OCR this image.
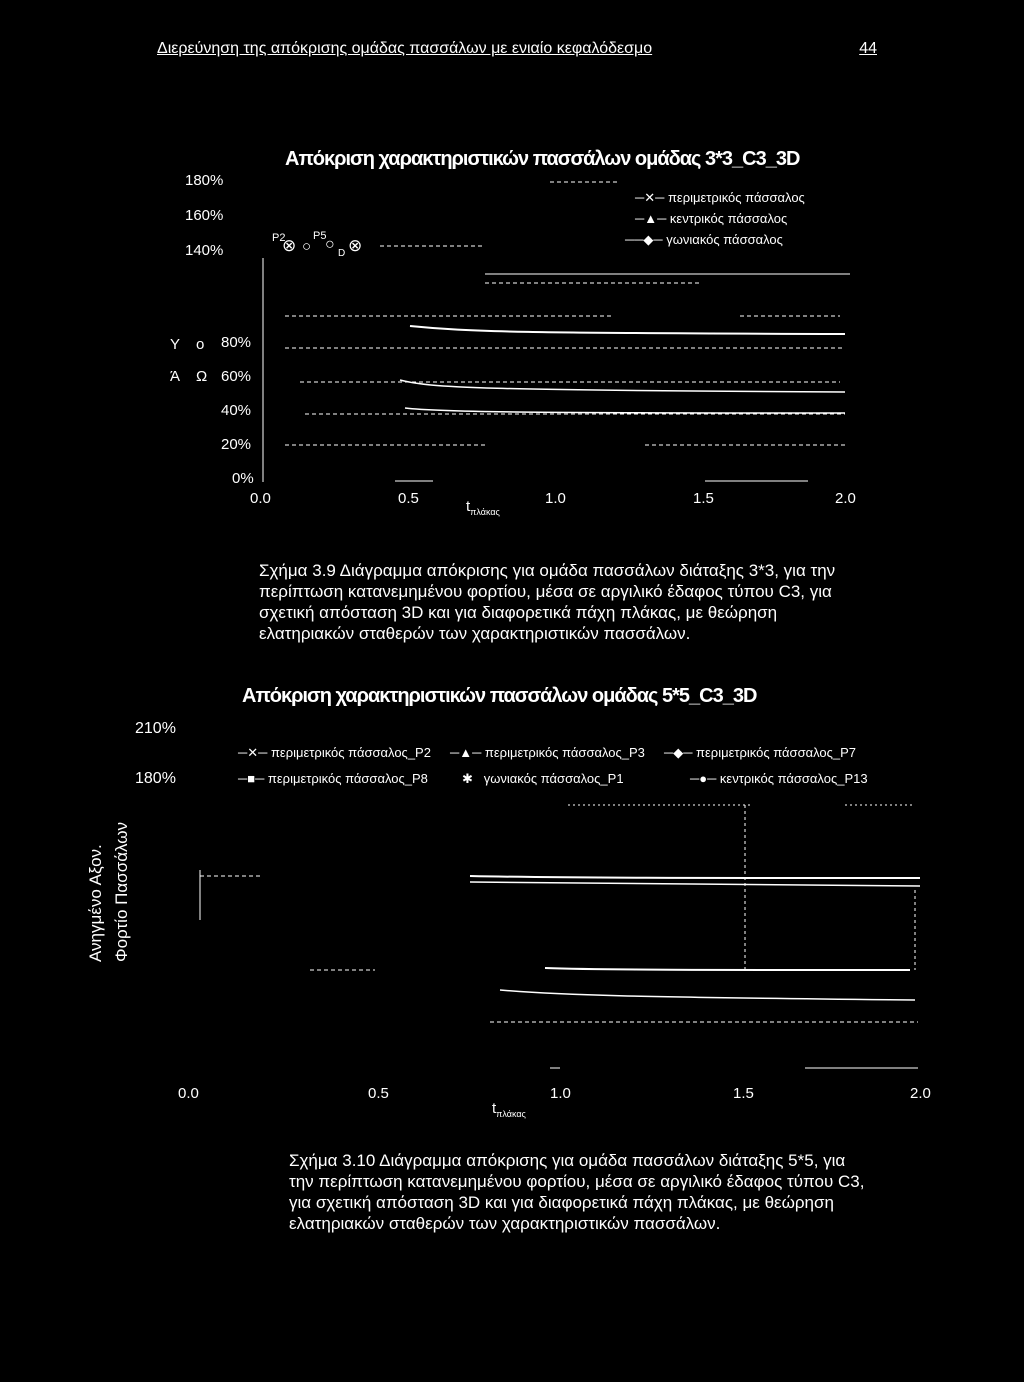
Διερεύνηση της απόκρισης ομάδας πασσάλων με ενιαίο κεφαλόδεσμο	44
Απόκριση χαρακτηριστικών πασσάλων ομάδας 3*3_C3_3D
180%
160%
140%
80%
60%
40%
20%
0%
Ά
Υ ο
Ω
P2	P5
D
⊗ ○ ○ ⊗
─✕─ περιμετρικός πάσσαλος
─▲─ κεντρικός πάσσαλος
──◆─ γωνιακός πάσσαλος
0.0	0.5	1.0	1.5	2.0
$t_{\pi\lambda ά\kappa\alpha\varsigma}$
Σχήμα 3.9 Διάγραμμα απόκρισης για ομάδα πασσάλων διάταξης 3*3, για την περίπτωση κατανεμημένου φορτίου, μέσα σε αργιλικό έδαφος τύπου C3, για σχετική απόσταση 3D και για διαφορετικά πάχη πλάκας, με θεώρηση ελατηριακών σταθερών των χαρακτηριστικών πασσάλων.
Απόκριση χαρακτηριστικών πασσάλων ομάδας 5*5_C3_3D
210%
180%
─✕─ περιμετρικός πάσσαλος_P2 ─▲─ περιμετρικός πάσσαλος_P3 ─◆─ περιμετρικός πάσσαλος_P7
─■─ περιμετρικός πάσσαλος_P8	✱   γωνιακός πάσσαλος_P1	─●─ κεντρικός πάσσαλος_P13
Ανηγμένο Αξον. Φορτίο Πασσάλων
0.0	0.5	1.0	1.5	2.0
$t_{\pi\lambda ά\kappa\alpha\varsigma}$
Σχήμα 3.10 Διάγραμμα απόκρισης για ομάδα πασσάλων διάταξης 5*5, για την περίπτωση κατανεμημένου φορτίου, μέσα σε αργιλικό έδαφος τύπου C3, για σχετική απόσταση 3D και για διαφορετικά πάχη πλάκας, με θεώρηση ελατηριακών σταθερών των χαρακτηριστικών πασσάλων.
